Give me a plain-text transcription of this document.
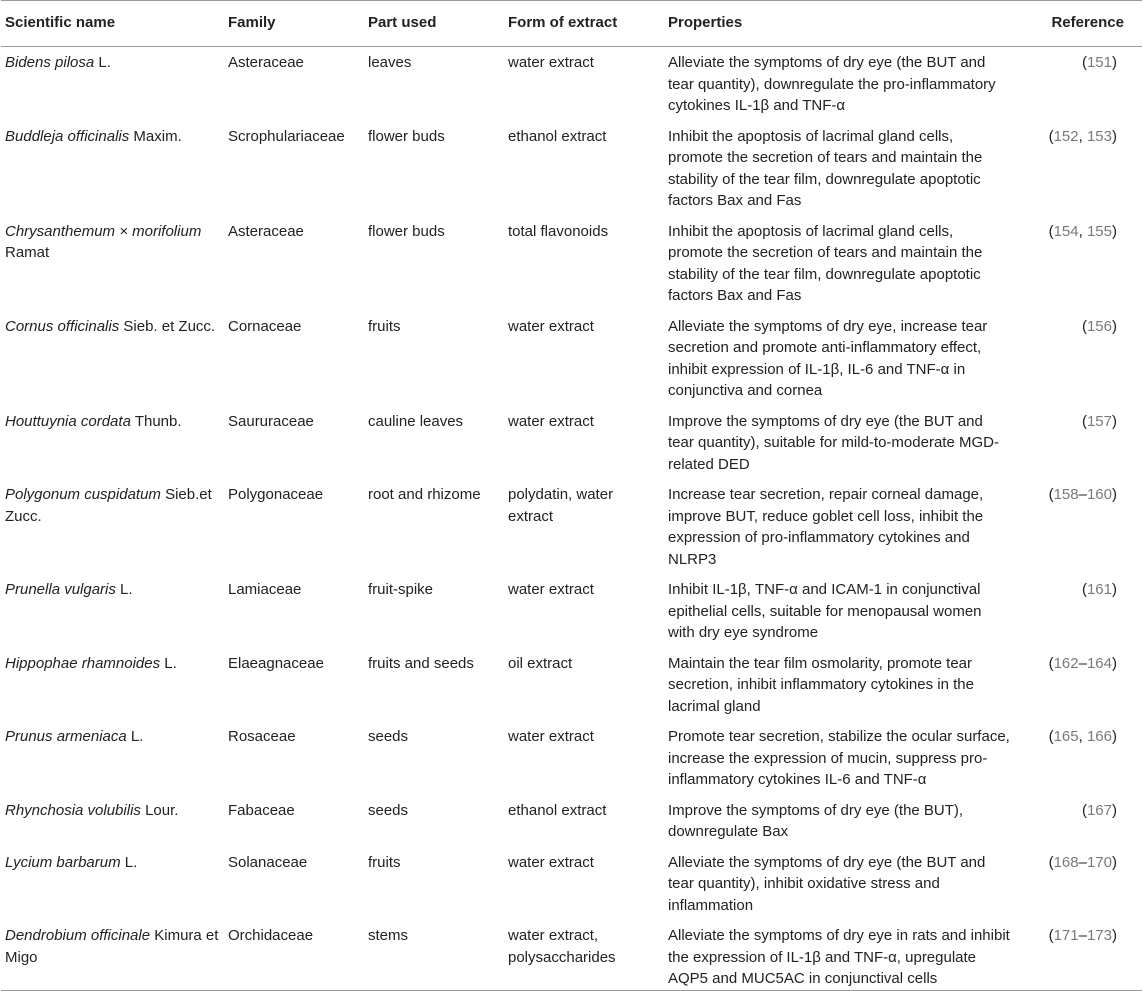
Scientific name	Family	Part used	Form of extract	Properties	Reference
Bidens pilosa L.	Asteraceae	leaves	water extract	Alleviate the symptoms of dry eye (the BUT and tear quantity), downregulate the pro-inflammatory cytokines IL-1β and TNF-α	(151)
Buddleja officinalis Maxim.	Scrophulariaceae	flower buds	ethanol extract	Inhibit the apoptosis of lacrimal gland cells, promote the secretion of tears and maintain the stability of the tear film, downregulate apoptotic factors Bax and Fas	(152, 153)
Chrysanthemum × morifolium Ramat	Asteraceae	flower buds	total flavonoids	Inhibit the apoptosis of lacrimal gland cells, promote the secretion of tears and maintain the stability of the tear film, downregulate apoptotic factors Bax and Fas	(154, 155)
Cornus officinalis Sieb. et Zucc.	Cornaceae	fruits	water extract	Alleviate the symptoms of dry eye, increase tear secretion and promote anti-inflammatory effect, inhibit expression of IL-1β, IL-6 and TNF-α in conjunctiva and cornea	(156)
Houttuynia cordata Thunb.	Saururaceae	cauline leaves	water extract	Improve the symptoms of dry eye (the BUT and tear quantity), suitable for mild-to-moderate MGD-related DED	(157)
Polygonum cuspidatum Sieb.et Zucc.	Polygonaceae	root and rhizome	polydatin, water extract	Increase tear secretion, repair corneal damage, improve BUT, reduce goblet cell loss, inhibit the expression of pro-inflammatory cytokines and NLRP3	(158–160)
Prunella vulgaris L.	Lamiaceae	fruit-spike	water extract	Inhibit IL-1β, TNF-α and ICAM-1 in conjunctival epithelial cells, suitable for menopausal women with dry eye syndrome	(161)
Hippophae rhamnoides L.	Elaeagnaceae	fruits and seeds	oil extract	Maintain the tear film osmolarity, promote tear secretion, inhibit inflammatory cytokines in the lacrimal gland	(162–164)
Prunus armeniaca L.	Rosaceae	seeds	water extract	Promote tear secretion, stabilize the ocular surface, increase the expression of mucin, suppress pro-inflammatory cytokines IL-6 and TNF-α	(165, 166)
Rhynchosia volubilis Lour.	Fabaceae	seeds	ethanol extract	Improve the symptoms of dry eye (the BUT), downregulate Bax	(167)
Lycium barbarum L.	Solanaceae	fruits	water extract	Alleviate the symptoms of dry eye (the BUT and tear quantity), inhibit oxidative stress and inflammation	(168–170)
Dendrobium officinale Kimura et Migo	Orchidaceae	stems	water extract, polysaccharides	Alleviate the symptoms of dry eye in rats and inhibit the expression of IL-1β and TNF-α, upregulate AQP5 and MUC5AC in conjunctival cells	(171–173)
